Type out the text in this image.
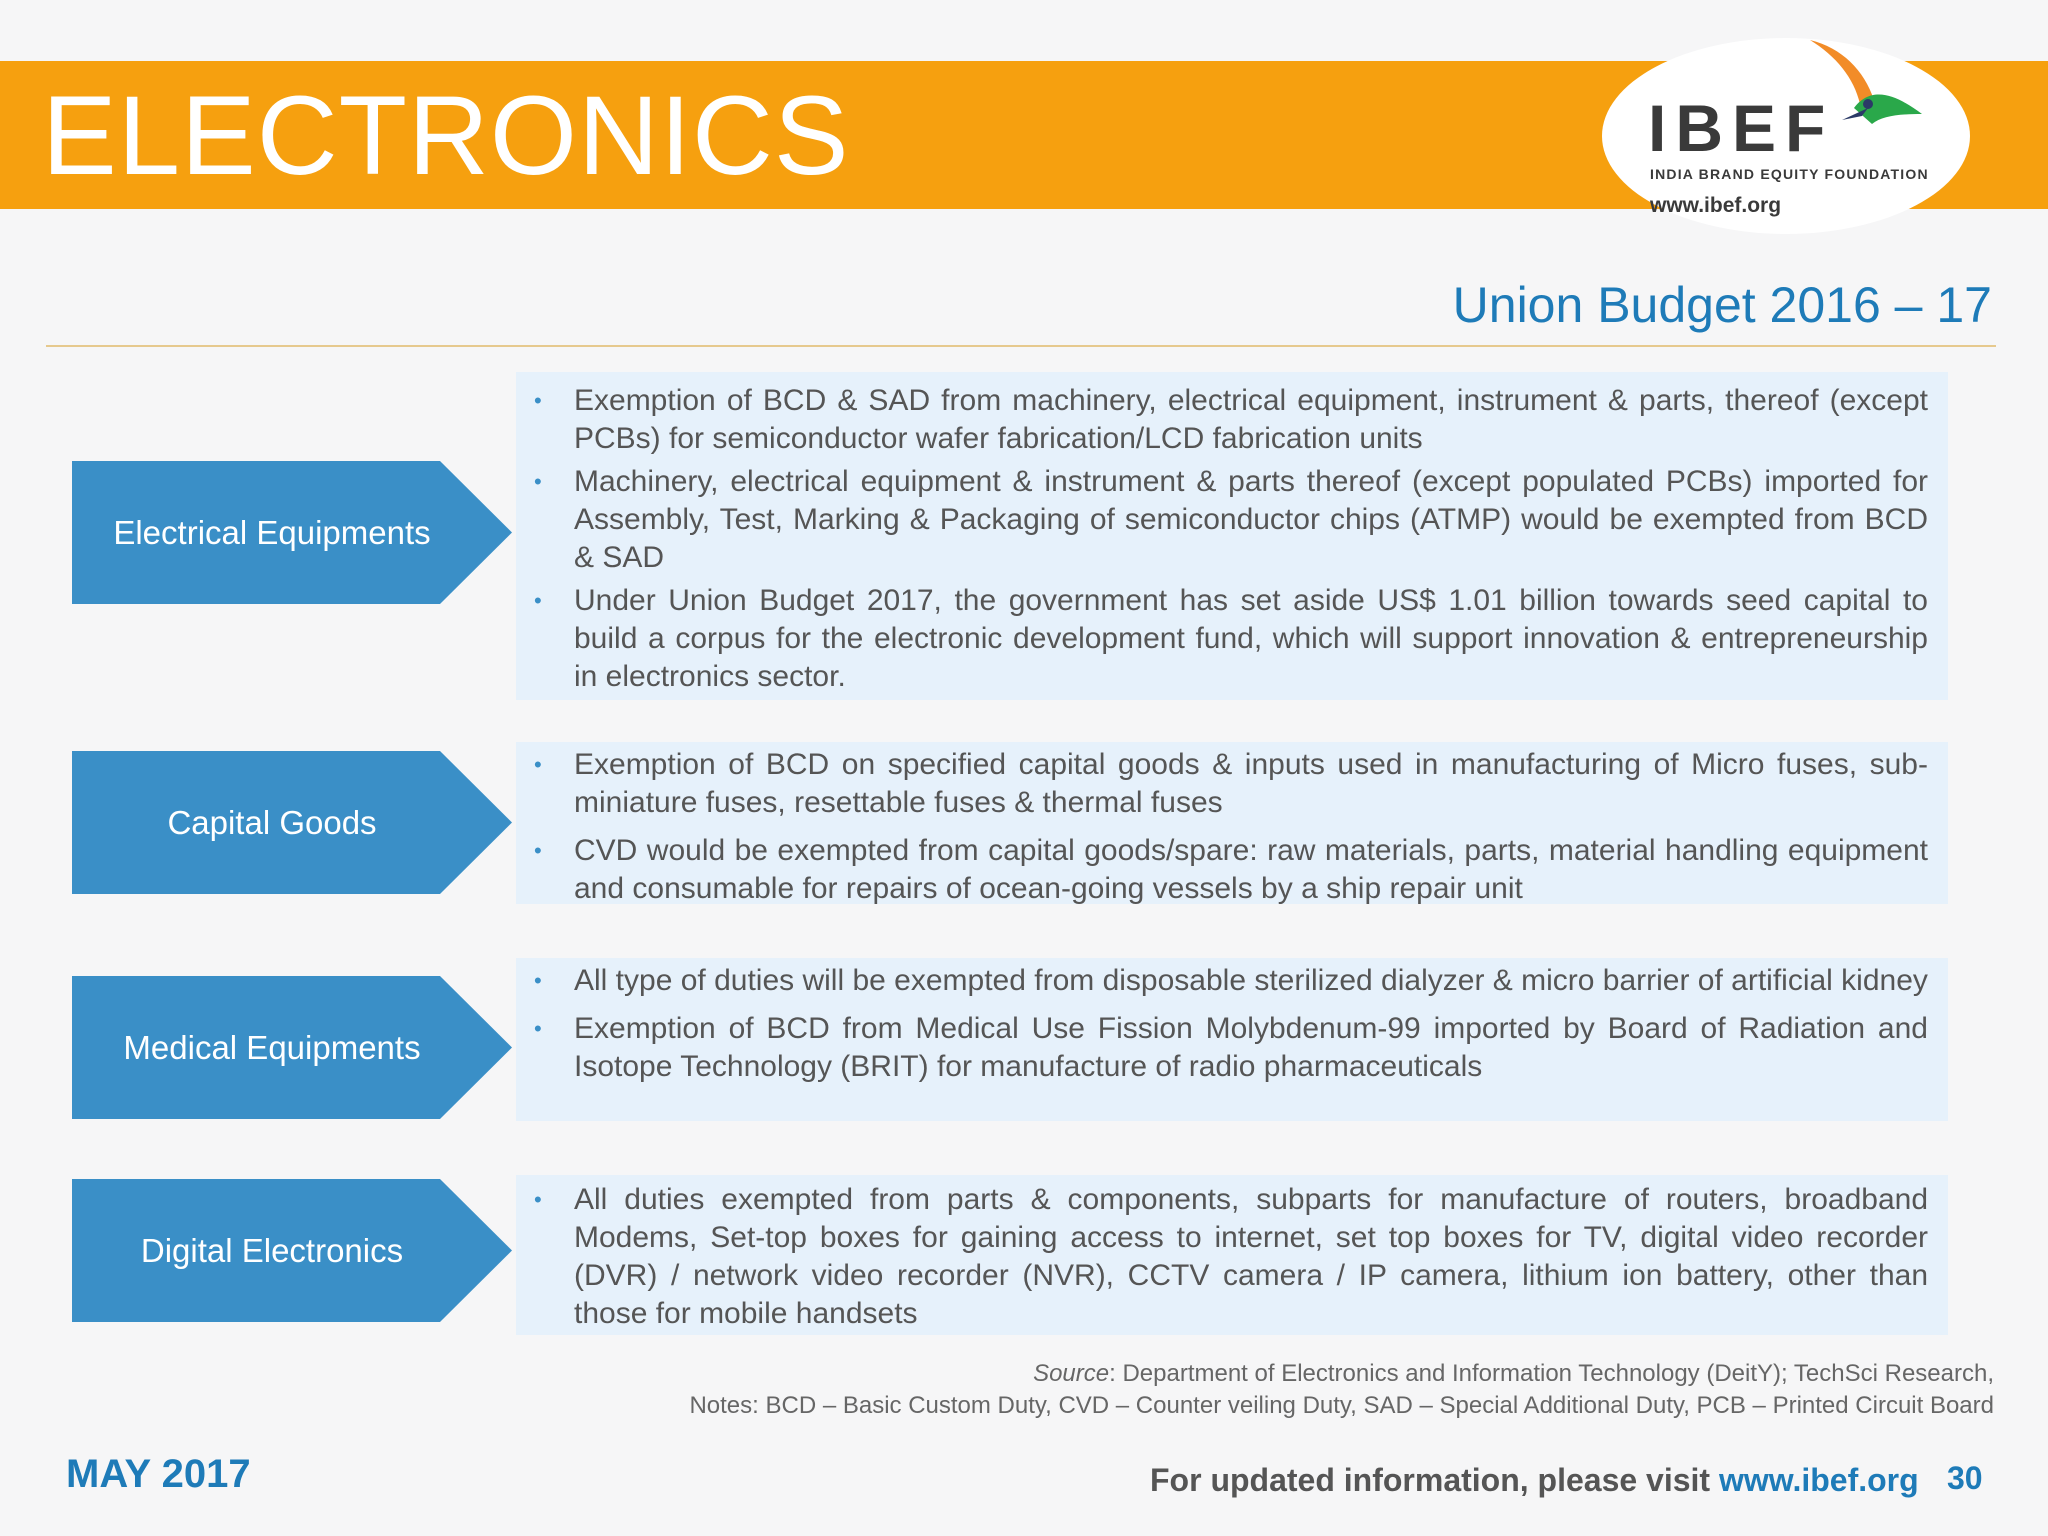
ELECTRONICS	IBEF
INDIA BRAND EQUITY FOUNDATION
www.ibef.org
Union Budget 2016 – 17
Electrical Equipments
• Exemption of BCD & SAD from machinery, electrical equipment, instrument & parts, thereof (except PCBs) for semiconductor wafer fabrication/LCD fabrication units
• Machinery, electrical equipment & instrument & parts thereof (except populated PCBs) imported for Assembly, Test, Marking & Packaging of semiconductor chips (ATMP) would be exempted from BCD & SAD
• Under Union Budget 2017, the government has set aside US$ 1.01 billion towards seed capital to build a corpus for the electronic development fund, which will support innovation & entrepreneurship in electronics sector.
Capital Goods
• Exemption of BCD on specified capital goods & inputs used in manufacturing of Micro fuses, sub-miniature fuses, resettable fuses & thermal fuses
• CVD would be exempted from capital goods/spare: raw materials, parts, material handling equipment and consumable for repairs of ocean-going vessels by a ship repair unit
Medical Equipments
• All type of duties will be exempted from disposable sterilized dialyzer & micro barrier of artificial kidney
• Exemption of BCD from Medical Use Fission Molybdenum-99 imported by Board of Radiation and Isotope Technology (BRIT) for manufacture of radio pharmaceuticals
Digital Electronics
• All duties exempted from parts & components, subparts for manufacture of routers, broadband Modems, Set-top boxes for gaining access to internet, set top boxes for TV, digital video recorder (DVR) / network video recorder (NVR), CCTV camera / IP camera, lithium ion battery, other than those for mobile handsets
Source: Department of Electronics and Information Technology (DeitY); TechSci Research,
Notes: BCD – Basic Custom Duty, CVD – Counter veiling Duty, SAD – Special Additional Duty, PCB – Printed Circuit Board
MAY 2017	For updated information, please visit www.ibef.org 30
